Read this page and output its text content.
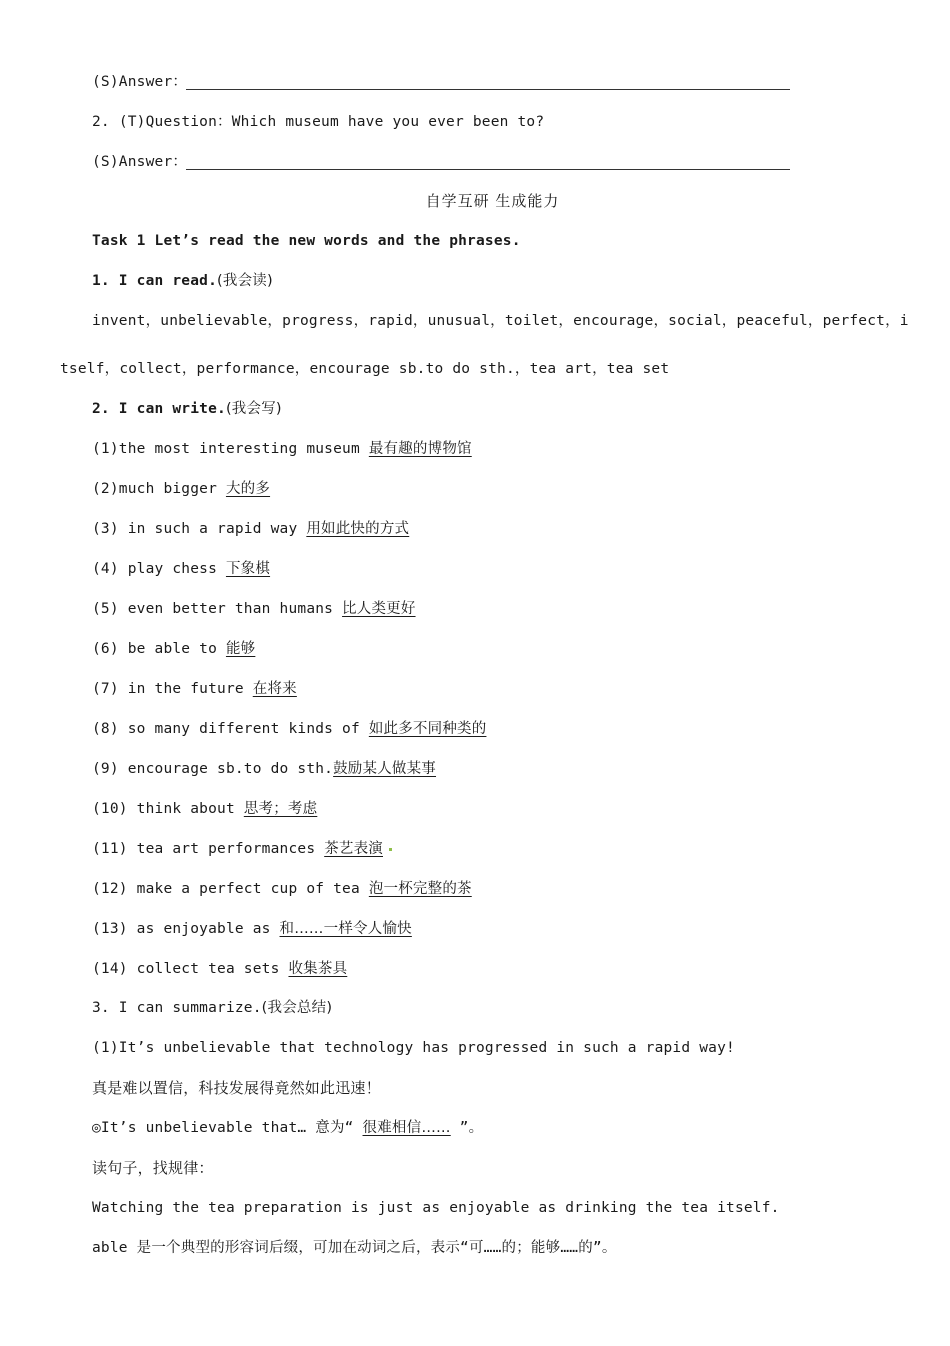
(S)Answer：
2. (T)Question：Which museum have you ever been to?
(S)Answer：
自学互研 生成能力
Task 1 Let’s read the new words and the phrases.
1. I can read.(我会读)
invent，unbelievable，progress，rapid，unusual，toilet，encourage，social，peaceful，perfect，i
tself，collect，performance，encourage sb.to do sth.，tea art，tea set
2. I can write.(我会写)
(1)the most interesting museum 最有趣的博物馆
(2)much bigger 大的多
(3) in such a rapid way 用如此快的方式
(4) play chess 下象棋
(5) even better than humans 比人类更好
(6) be able to 能够
(7) in the future 在将来
(8) so many different kinds of 如此多不同种类的
(9) encourage sb.to do sth.鼓励某人做某事
(10) think about 思考；考虑
(11) tea art performances 茶艺表演
(12) make a perfect cup of tea 泡一杯完整的茶
(13) as enjoyable as 和……一样令人愉快
(14) collect tea sets 收集茶具
3. I can summarize.(我会总结)
(1)It’s unbelievable that technology has progressed in such a rapid way!
真是难以置信，科技发展得竟然如此迅速！
◎It’s unbelievable that… 意为“ 很难相信…… ”。
读句子，找规律：
Watching the tea preparation is just as enjoyable as drinking the tea itself.
able 是一个典型的形容词后缀，可加在动词之后，表示“可……的；能够……的”。
